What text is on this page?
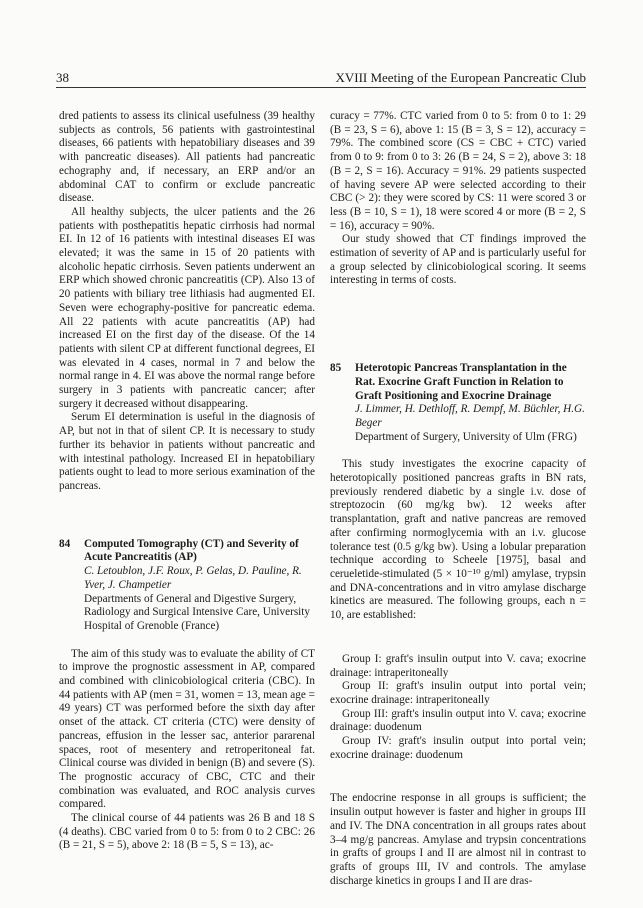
38	XVIII Meeting of the European Pancreatic Club

dred patients to assess its clinical usefulness (39 healthy subjects as controls, 56 patients with gastrointestinal diseases, 66 patients with hepatobiliary diseases and 39 with pancreatic diseases). All patients had pancreatic echography and, if necessary, an ERP and/or an abdominal CAT to confirm or exclude pancreatic disease.

All healthy subjects, the ulcer patients and the 26 patients with posthepatitis hepatic cirrhosis had normal EI. In 12 of 16 patients with intestinal diseases EI was elevated; it was the same in 15 of 20 patients with alcoholic hepatic cirrhosis. Seven patients underwent an ERP which showed chronic pancreatitis (CP). Also 13 of 20 patients with biliary tree lithiasis had augmented EI. Seven were echography-positive for pancreatic edema. All 22 patients with acute pancreatitis (AP) had increased EI on the first day of the disease. Of the 14 patients with silent CP at different functional degrees, EI was elevated in 4 cases, normal in 7 and below the normal range in 4. EI was above the normal range before surgery in 3 patients with pancreatic cancer; after surgery it decreased without disappearing.

Serum EI determination is useful in the diagnosis of AP, but not in that of silent CP. It is necessary to study further its behavior in patients without pancreatic and with intestinal pathology. Increased EI in hepatobiliary patients ought to lead to more serious examination of the pancreas.

84	Computed Tomography (CT) and Severity of Acute Pancreatitis (AP)
C. Letoublon, J.F. Roux, P. Gelas, D. Pauline, R. Yver, J. Champetier
Departments of General and Digestive Surgery, Radiology and Surgical Intensive Care, University Hospital of Grenoble (France)

The aim of this study was to evaluate the ability of CT to improve the prognostic assessment in AP, compared and combined with clinicobiological criteria (CBC). In 44 patients with AP (men = 31, women = 13, mean age = 49 years) CT was performed before the sixth day after onset of the attack. CT criteria (CTC) were density of pancreas, effusion in the lesser sac, anterior pararenal spaces, root of mesentery and retroperitoneal fat. Clinical course was divided in benign (B) and severe (S). The prognostic accuracy of CBC, CTC and their combination was evaluated, and ROC analysis curves compared.

The clinical course of 44 patients was 26 B and 18 S (4 deaths). CBC varied from 0 to 5: from 0 to 2 CBC: 26 (B = 21, S = 5), above 2: 18 (B = 5, S = 13), ac-

curacy = 77%. CTC varied from 0 to 5: from 0 to 1: 29 (B = 23, S = 6), above 1: 15 (B = 3, S = 12), accuracy = 79%. The combined score (CS = CBC + CTC) varied from 0 to 9: from 0 to 3: 26 (B = 24, S = 2), above 3: 18 (B = 2, S = 16). Accuracy = 91%. 29 patients suspected of having severe AP were selected according to their CBC (> 2): they were scored by CS: 11 were scored 3 or less (B = 10, S = 1), 18 were scored 4 or more (B = 2, S = 16), accuracy = 90%.

Our study showed that CT findings improved the estimation of severity of AP and is particularly useful for a group selected by clinicobiological scoring. It seems interesting in terms of costs.

85	Heterotopic Pancreas Transplantation in the Rat. Exocrine Graft Function in Relation to Graft Positioning and Exocrine Drainage
J. Limmer, H. Dethloff, R. Dempf, M. Büchler, H.G. Beger
Department of Surgery, University of Ulm (FRG)

This study investigates the exocrine capacity of heterotopically positioned pancreas grafts in BN rats, previously rendered diabetic by a single i.v. dose of streptozocin (60 mg/kg bw). 12 weeks after transplantation, graft and native pancreas are removed after confirming normoglycemia with an i.v. glucose tolerance test (0.5 g/kg bw). Using a lobular preparation technique according to Scheele [1975], basal and cerueletide-stimulated (5 × 10⁻¹⁰ g/ml) amylase, trypsin and DNA-concentrations and in vitro amylase discharge kinetics are measured. The following groups, each n = 10, are established:

Group I: graft's insulin output into V. cava; exocrine drainage: intraperitoneally

Group II: graft's insulin output into portal vein; exocrine drainage: intraperitoneally

Group III: graft's insulin output into V. cava; exocrine drainage: duodenum

Group IV: graft's insulin output into portal vein; exocrine drainage: duodenum

The endocrine response in all groups is sufficient; the insulin output however is faster and higher in groups III and IV. The DNA concentration in all groups rates about 3–4 mg/g pancreas. Amylase and trypsin concentrations in grafts of groups I and II are almost nil in contrast to grafts of groups III, IV and controls. The amylase discharge kinetics in groups I and II are dras-
